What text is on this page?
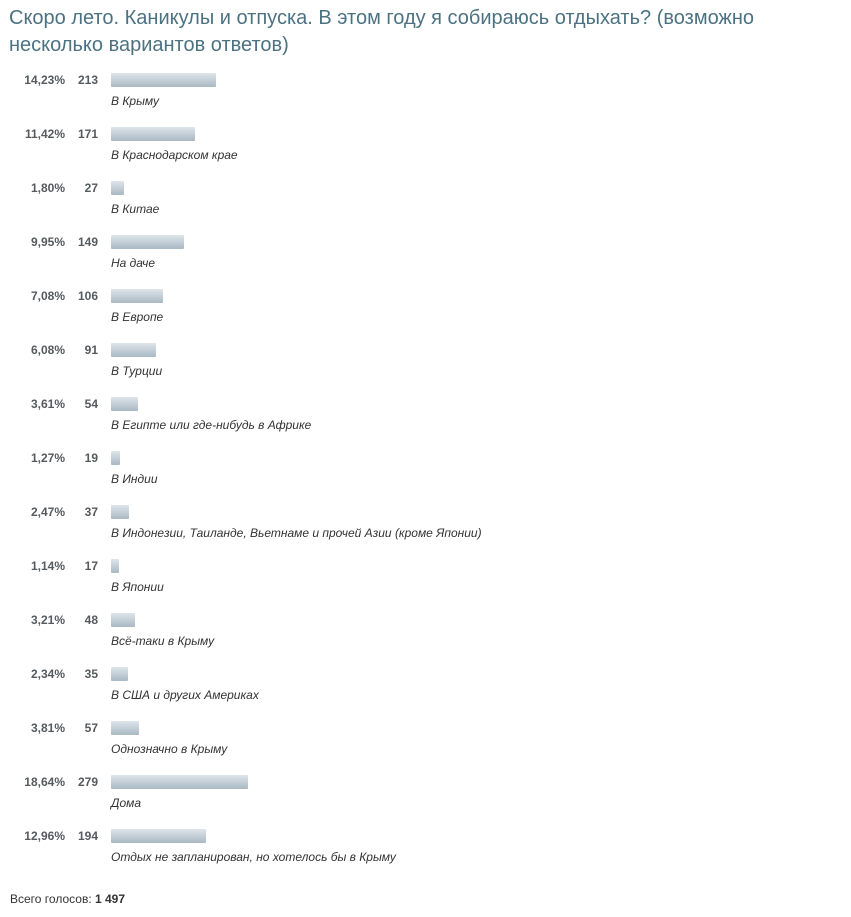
Скоро лето. Каникулы и отпуска. В этом году я собираюсь отдыхать? (возможно несколько вариантов ответов)
14,23% 213
В Крыму
11,42% 171
В Краснодарском крае
1,80% 27
В Китае
9,95% 149
На даче
7,08% 106
В Европе
6,08% 91
В Турции
3,61% 54
В Египте или где-нибудь в Африке
1,27% 19
В Индии
2,47% 37
В Индонезии, Таиланде, Вьетнаме и прочей Азии (кроме Японии)
1,14% 17
В Японии
3,21% 48
Всё-таки в Крыму
2,34% 35
В США и других Америках
3,81% 57
Однозначно в Крыму
18,64% 279
Дома
12,96% 194
Отдых не запланирован, но хотелось бы в Крыму
Всего голосов: 1 497
